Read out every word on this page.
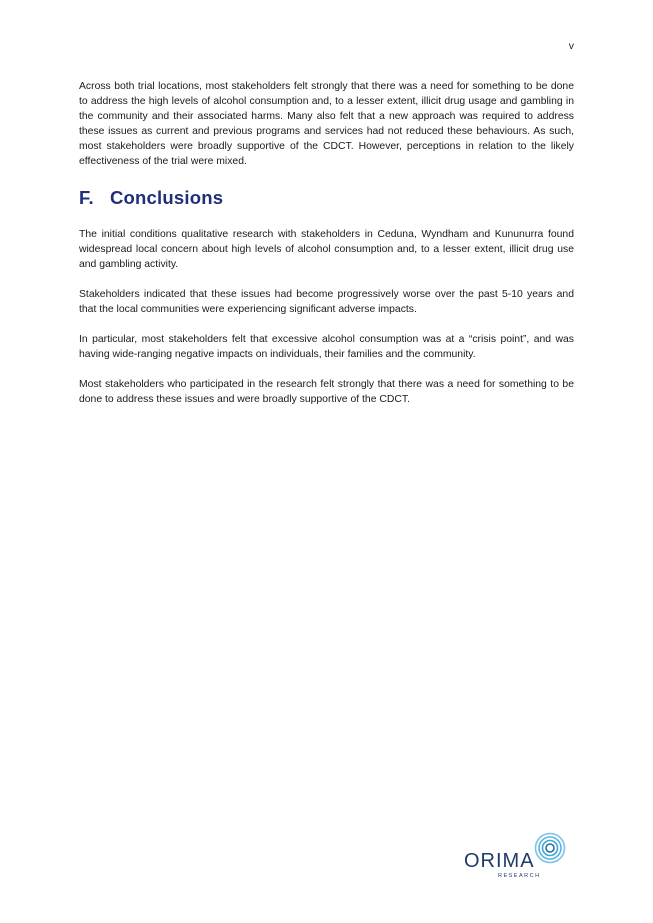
v

Across both trial locations, most stakeholders felt strongly that there was a need for something to be done to address the high levels of alcohol consumption and, to a lesser extent, illicit drug usage and gambling in the community and their associated harms. Many also felt that a new approach was required to address these issues as current and previous programs and services had not reduced these behaviours. As such, most stakeholders were broadly supportive of the CDCT. However, perceptions in relation to the likely effectiveness of the trial were mixed.

F. Conclusions

The initial conditions qualitative research with stakeholders in Ceduna, Wyndham and Kununurra found widespread local concern about high levels of alcohol consumption and, to a lesser extent, illicit drug use and gambling activity.

Stakeholders indicated that these issues had become progressively worse over the past 5-10 years and that the local communities were experiencing significant adverse impacts.

In particular, most stakeholders felt that excessive alcohol consumption was at a “crisis point”, and was having wide-ranging negative impacts on individuals, their families and the community.

Most stakeholders who participated in the research felt strongly that there was a need for something to be done to address these issues and were broadly supportive of the CDCT.

ORIMA
RESEARCH
